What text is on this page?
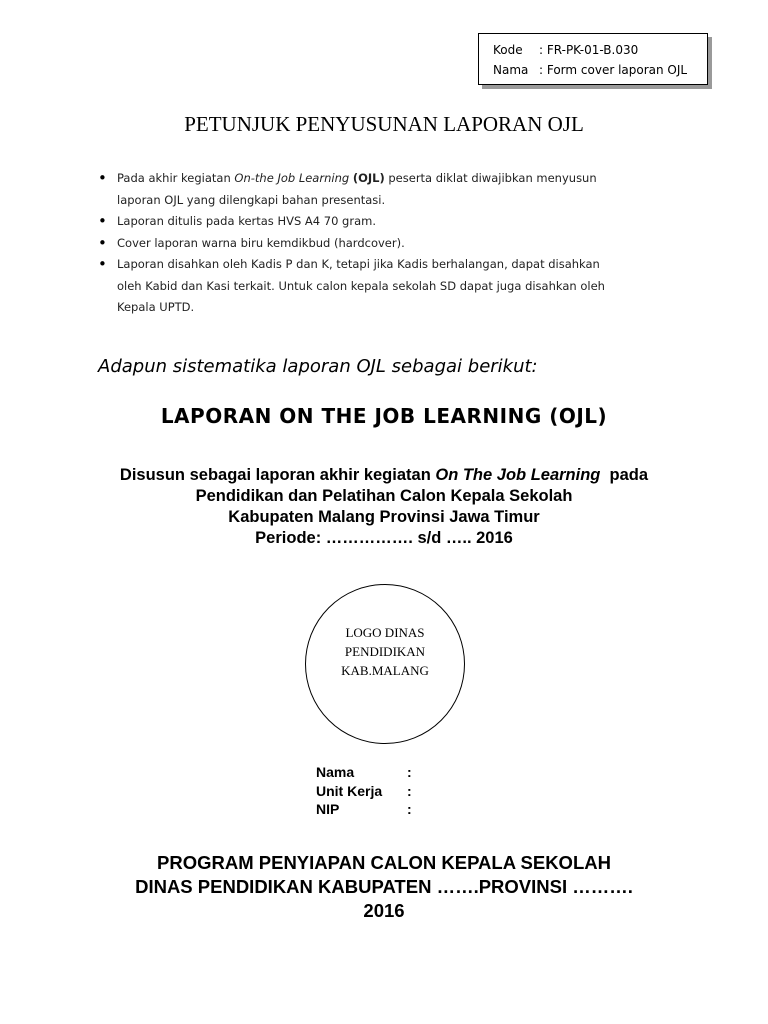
Kode : FR-PK-01-B.030
Nama : Form cover laporan OJL
PETUNJUK PENYUSUNAN LAPORAN OJL
• Pada akhir kegiatan On-the Job Learning (OJL) peserta diklat diwajibkan menyusun
laporan OJL yang dilengkapi bahan presentasi.
• Laporan ditulis pada kertas HVS A4 70 gram.
• Cover laporan warna biru kemdikbud (hardcover).
• Laporan disahkan oleh Kadis P dan K, tetapi jika Kadis berhalangan, dapat disahkan
oleh Kabid dan Kasi terkait. Untuk calon kepala sekolah SD dapat juga disahkan oleh
Kepala UPTD.
Adapun sistematika laporan OJL sebagai berikut:
LAPORAN ON THE JOB LEARNING (OJL)
Disusun sebagai laporan akhir kegiatan On The Job Learning  pada
Pendidikan dan Pelatihan Calon Kepala Sekolah
Kabupaten Malang Provinsi Jawa Timur
Periode: ……………. s/d ….. 2016
LOGO DINAS
PENDIDIKAN
KAB.MALANG
Nama	:
Unit Kerja :
NIP	:
PROGRAM PENYIAPAN CALON KEPALA SEKOLAH
DINAS PENDIDIKAN KABUPATEN …….PROVINSI ……….
2016
